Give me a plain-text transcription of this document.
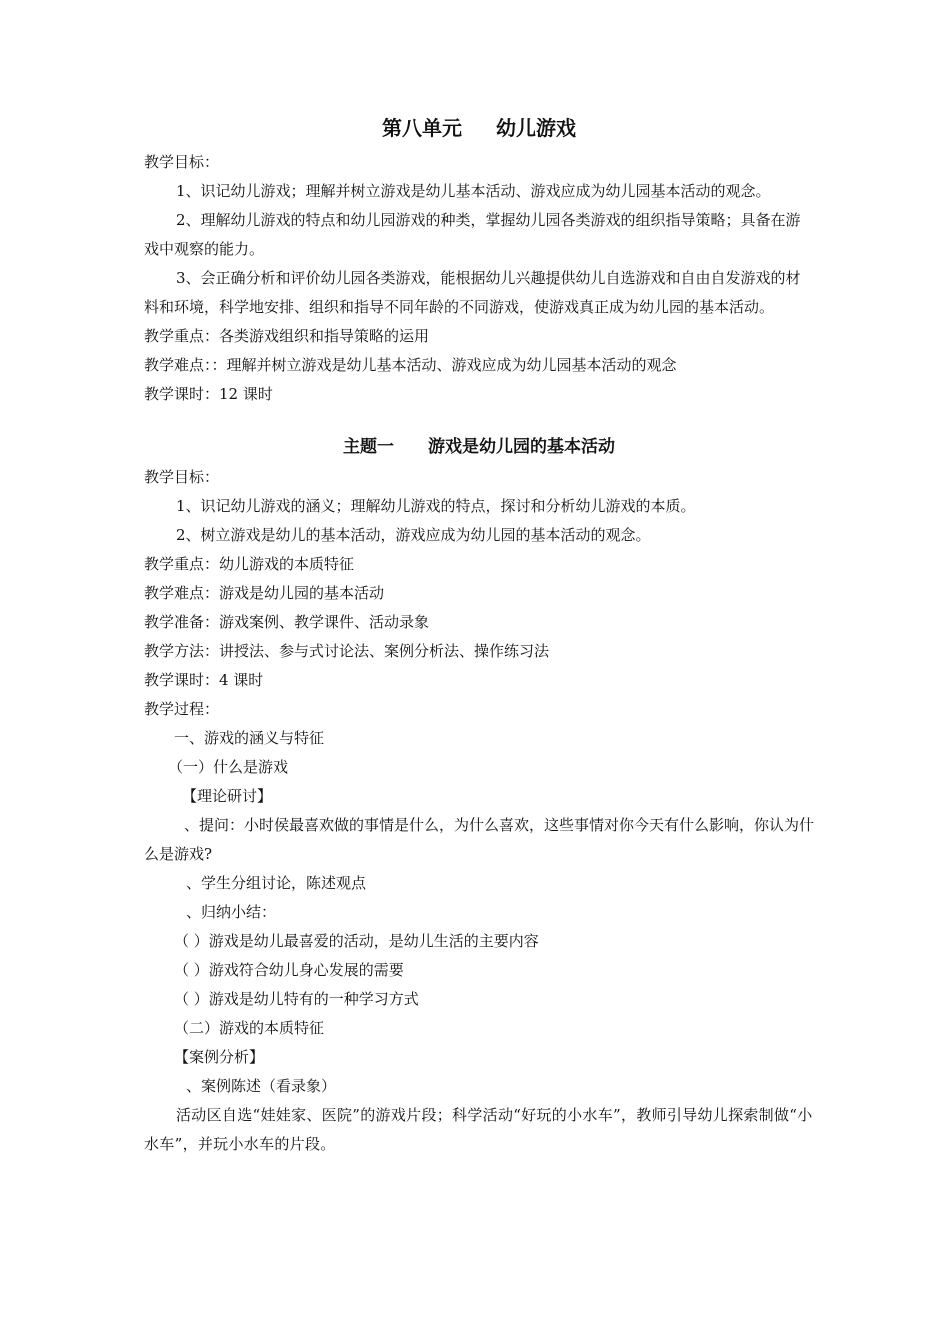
第八单元 幼儿游戏

教学目标：

1、识记幼儿游戏；理解并树立游戏是幼儿基本活动、游戏应成为幼儿园基本活动的观念。

2、理解幼儿游戏的特点和幼儿园游戏的种类，掌握幼儿园各类游戏的组织指导策略；具备在游戏中观察的能力。

3、会正确分析和评价幼儿园各类游戏，能根据幼儿兴趣提供幼儿自选游戏和自由自发游戏的材料和环境，科学地安排、组织和指导不同年龄的不同游戏，使游戏真正成为幼儿园的基本活动。

教学重点：各类游戏组织和指导策略的运用

教学难点：：理解并树立游戏是幼儿基本活动、游戏应成为幼儿园基本活动的观念

教学课时：12 课时

主题一 游戏是幼儿园的基本活动

教学目标：

1、识记幼儿游戏的涵义；理解幼儿游戏的特点，探讨和分析幼儿游戏的本质。

2、树立游戏是幼儿的基本活动，游戏应成为幼儿园的基本活动的观念。

教学重点：幼儿游戏的本质特征

教学难点：游戏是幼儿园的基本活动

教学准备：游戏案例、教学课件、活动录象

教学方法：讲授法、参与式讨论法、案例分析法、操作练习法

教学课时：4 课时

教学过程：

一、游戏的涵义与特征

（一）什么是游戏

【理论研讨】

、提问：小时侯最喜欢做的事情是什么，为什么喜欢，这些事情对你今天有什么影响，你认为什么是游戏?

、学生分组讨论，陈述观点

、归纳小结：

（ ）游戏是幼儿最喜爱的活动，是幼儿生活的主要内容

（ ）游戏符合幼儿身心发展的需要

（ ）游戏是幼儿特有的一种学习方式

（二）游戏的本质特征

【案例分析】

、案例陈述（看录象）

活动区自选“娃娃家、医院”的游戏片段；科学活动“好玩的小水车”，教师引导幼儿探索制做“小水车”，并玩小水车的片段。
